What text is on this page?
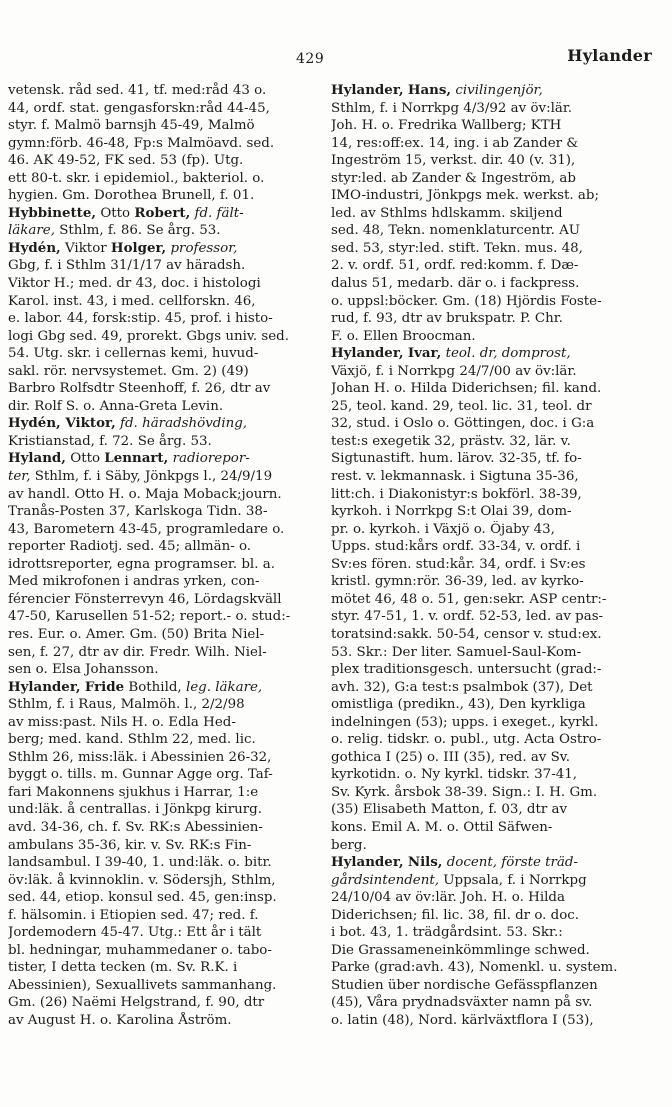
429	Hylander
vetensk. råd sed. 41, tf. med:råd 43 o.
44, ordf. stat. gengasforskn:råd 44-45,
styr. f. Malmö barnsjh 45-49, Malmö
gymn:förb. 46-48, Fp:s Malmöavd. sed.
46. AK 49-52, FK sed. 53 (fp). Utg.
ett 80-t. skr. i epidemiol., bakteriol. o.
hygien. Gm. Dorothea Brunell, f. 01.
Hybbinette, Otto Robert, fd. fält-
läkare, Sthlm, f. 86. Se årg. 53.
Hydén, Viktor Holger, professor,
Gbg, f. i Sthlm 31/1/17 av häradsh.
Viktor H.; med. dr 43, doc. i histologi
Karol. inst. 43, i med. cellforskn. 46,
e. labor. 44, forsk:stip. 45, prof. i histo-
logi Gbg sed. 49, prorekt. Gbgs univ. sed.
54. Utg. skr. i cellernas kemi, huvud-
sakl. rör. nervsystemet. Gm. 2) (49)
Barbro Rolfsdtr Steenhoff, f. 26, dtr av
dir. Rolf S. o. Anna-Greta Levin.
Hydén, Viktor, fd. häradshövding,
Kristianstad, f. 72. Se årg. 53.
Hyland, Otto Lennart, radiorepor-
ter, Sthlm, f. i Säby, Jönkpgs l., 24/9/19
av handl. Otto H. o. Maja Moback;journ.
Tranås-Posten 37, Karlskoga Tidn. 38-
43, Barometern 43-45, programledare o.
reporter Radiotj. sed. 45; allmän- o.
idrottsreporter, egna programser. bl. a.
Med mikrofonen i andras yrken, con-
férencier Fönsterrevyn 46, Lördagskväll
47-50, Karusellen 51-52; report.- o. stud:-
res. Eur. o. Amer. Gm. (50) Brita Niel-
sen, f. 27, dtr av dir. Fredr. Wilh. Niel-
sen o. Elsa Johansson.
Hylander, Fride Bothild, leg. läkare,
Sthlm, f. i Raus, Malmöh. l., 2/2/98
av miss:past. Nils H. o. Edla Hed-
berg; med. kand. Sthlm 22, med. lic.
Sthlm 26, miss:läk. i Abessinien 26-32,
byggt o. tills. m. Gunnar Agge org. Taf-
fari Makonnens sjukhus i Harrar, 1:e
und:läk. å centrallas. i Jönkpg kirurg.
avd. 34-36, ch. f. Sv. RK:s Abessinien-
ambulans 35-36, kir. v. Sv. RK:s Fin-
landsambul. I 39-40, 1. und:läk. o. bitr.
öv:läk. å kvinnoklin. v. Södersjh, Sthlm,
sed. 44, etiop. konsul sed. 45, gen:insp.
f. hälsomin. i Etiopien sed. 47; red. f.
Jordemodern 45-47. Utg.: Ett år i tält
bl. hedningar, muhammedaner o. tabo-
tister, I detta tecken (m. Sv. R.K. i
Abessinien), Sexuallivets sammanhang.
Gm. (26) Naëmi Helgstrand, f. 90, dtr
av August H. o. Karolina Åström.
Hylander, Hans, civilingenjör,
Sthlm, f. i Norrkpg 4/3/92 av öv:lär.
Joh. H. o. Fredrika Wallberg; KTH
14, res:off:ex. 14, ing. i ab Zander &
Ingeström 15, verkst. dir. 40 (v. 31),
styr:led. ab Zander & Ingeström, ab
IMO-industri, Jönkpgs mek. werkst. ab;
led. av Sthlms hdlskamm. skiljend
sed. 48, Tekn. nomenklaturcentr. AU
sed. 53, styr:led. stift. Tekn. mus. 48,
2. v. ordf. 51, ordf. red:komm. f. Dæ-
dalus 51, medarb. där o. i fackpress.
o. uppsl:böcker. Gm. (18) Hjördis Foste-
rud, f. 93, dtr av brukspatr. P. Chr.
F. o. Ellen Broocman.
Hylander, Ivar, teol. dr, domprost,
Växjö, f. i Norrkpg 24/7/00 av öv:lär.
Johan H. o. Hilda Diderichsen; fil. kand.
25, teol. kand. 29, teol. lic. 31, teol. dr
32, stud. i Oslo o. Göttingen, doc. i G:a
test:s exegetik 32, prästv. 32, lär. v.
Sigtunastift. hum. lärov. 32-35, tf. fo-
rest. v. lekmannask. i Sigtuna 35-36,
litt:ch. i Diakonistyr:s bokförl. 38-39,
kyrkoh. i Norrkpg S:t Olai 39, dom-
pr. o. kyrkoh. i Växjö o. Öjaby 43,
Upps. stud:kårs ordf. 33-34, v. ordf. i
Sv:es fören. stud:kår. 34, ordf. i Sv:es
kristl. gymn:rör. 36-39, led. av kyrko-
mötet 46, 48 o. 51, gen:sekr. ASP centr:-
styr. 47-51, 1. v. ordf. 52-53, led. av pas-
toratsind:sakk. 50-54, censor v. stud:ex.
53. Skr.: Der liter. Samuel-Saul-Kom-
plex traditionsgesch. untersucht (grad:-
avh. 32), G:a test:s psalmbok (37), Det
omistliga (predikn., 43), Den kyrkliga
indelningen (53); upps. i exeget., kyrkl.
o. relig. tidskr. o. publ., utg. Acta Ostro-
gothica I (25) o. III (35), red. av Sv.
kyrkotidn. o. Ny kyrkl. tidskr. 37-41,
Sv. Kyrk. årsbok 38-39. Sign.: I. H. Gm.
(35) Elisabeth Matton, f. 03, dtr av
kons. Emil A. M. o. Ottil Säfwen-
berg.
Hylander, Nils, docent, förste träd-
gårdsintendent, Uppsala, f. i Norrkpg
24/10/04 av öv:lär. Joh. H. o. Hilda
Diderichsen; fil. lic. 38, fil. dr o. doc.
i bot. 43, 1. trädgårdsint. 53. Skr.:
Die Grassameneinkömmlinge schwed.
Parke (grad:avh. 43), Nomenkl. u. system.
Studien über nordische Gefässpflanzen
(45), Våra prydnadsväxter namn på sv.
o. latin (48), Nord. kärlväxtflora I (53),
